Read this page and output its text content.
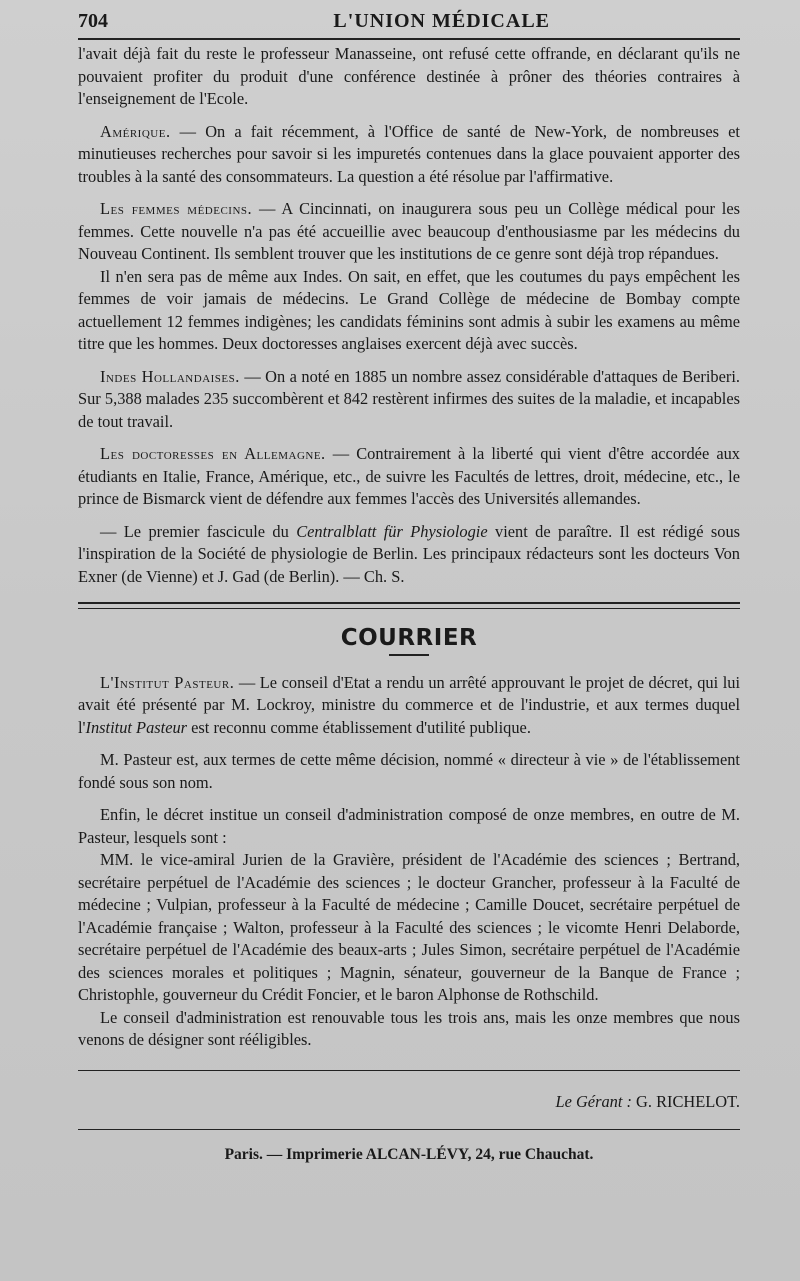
704	L'UNION MÉDICALE

l'avait déjà fait du reste le professeur Manasseine, ont refusé cette offrande, en déclarant qu'ils ne pouvaient profiter du produit d'une conférence destinée à prôner des théories contraires à l'enseignement de l'Ecole.

Amérique. — On a fait récemment, à l'Office de santé de New-York, de nombreuses et minutieuses recherches pour savoir si les impuretés contenues dans la glace pouvaient apporter des troubles à la santé des consommateurs. La question a été résolue par l'affirmative.

Les femmes médecins. — A Cincinnati, on inaugurera sous peu un Collège médical pour les femmes. Cette nouvelle n'a pas été accueillie avec beaucoup d'enthousiasme par les médecins du Nouveau Continent. Ils semblent trouver que les institutions de ce genre sont déjà trop répandues.

Il n'en sera pas de même aux Indes. On sait, en effet, que les coutumes du pays empêchent les femmes de voir jamais de médecins. Le Grand Collège de médecine de Bombay compte actuellement 12 femmes indigènes; les candidats féminins sont admis à subir les examens au même titre que les hommes. Deux doctoresses anglaises exercent déjà avec succès.

Indes Hollandaises. — On a noté en 1885 un nombre assez considérable d'attaques de Beriberi. Sur 5,388 malades 235 succombèrent et 842 restèrent infirmes des suites de la maladie, et incapables de tout travail.

Les doctoresses en Allemagne. — Contrairement à la liberté qui vient d'être accordée aux étudiants en Italie, France, Amérique, etc., de suivre les Facultés de lettres, droit, médecine, etc., le prince de Bismarck vient de défendre aux femmes l'accès des Universités allemandes.

— Le premier fascicule du Centralblatt für Physiologie vient de paraître. Il est rédigé sous l'inspiration de la Société de physiologie de Berlin. Les principaux rédacteurs sont les docteurs Von Exner (de Vienne) et J. Gad (de Berlin). — Ch. S.

COURRIER

L'Institut Pasteur. — Le conseil d'Etat a rendu un arrêté approuvant le projet de décret, qui lui avait été présenté par M. Lockroy, ministre du commerce et de l'industrie, et aux termes duquel l'Institut Pasteur est reconnu comme établissement d'utilité publique.

M. Pasteur est, aux termes de cette même décision, nommé « directeur à vie » de l'établissement fondé sous son nom.

Enfin, le décret institue un conseil d'administration composé de onze membres, en outre de M. Pasteur, lesquels sont :

MM. le vice-amiral Jurien de la Gravière, président de l'Académie des sciences ; Bertrand, secrétaire perpétuel de l'Académie des sciences ; le docteur Grancher, professeur à la Faculté de médecine ; Vulpian, professeur à la Faculté de médecine ; Camille Doucet, secrétaire perpétuel de l'Académie française ; Walton, professeur à la Faculté des sciences ; le vicomte Henri Delaborde, secrétaire perpétuel de l'Académie des beaux-arts ; Jules Simon, secrétaire perpétuel de l'Académie des sciences morales et politiques ; Magnin, sénateur, gouverneur de la Banque de France ; Christophle, gouverneur du Crédit Foncier, et le baron Alphonse de Rothschild.

Le conseil d'administration est renouvable tous les trois ans, mais les onze membres que nous venons de désigner sont rééligibles.

Le Gérant : G. RICHELOT.

Paris. — Imprimerie ALCAN-LÉVY, 24, rue Chauchat.
